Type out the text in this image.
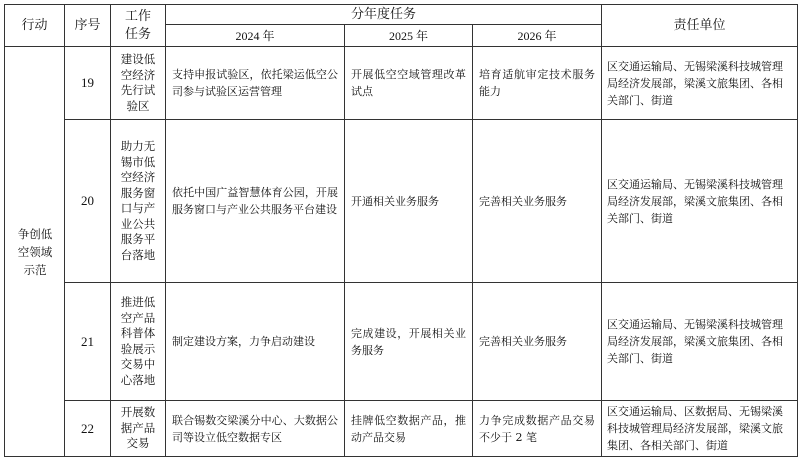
行动	序号	工作任务	分年度任务			责任单位
			2024 年	2025 年	2026 年	

争创低空领域示范	19	建设低空经济先行试验区	支持申报试验区，依托梁运低空公司参与试验区运营管理	开展低空空域管理改革试点	培育适航审定技术服务能力	区交通运输局、无锡梁溪科技城管理局经济发展部，梁溪文旅集团、各相关部门、街道
	20	助力无锡市低空经济服务窗口与产业公共服务平台落地	依托中国广益智慧体育公园，开展服务窗口与产业公共服务平台建设	开通相关业务服务	完善相关业务服务	区交通运输局、无锡梁溪科技城管理局经济发展部，梁溪文旅集团、各相关部门、街道
	21	推进低空产品科普体验展示交易中心落地	制定建设方案，力争启动建设	完成建设，开展相关业务服务	完善相关业务服务	区交通运输局、无锡梁溪科技城管理局经济发展部，梁溪文旅集团、各相关部门、街道
	22	开展数据产品交易	联合锡数交梁溪分中心、大数据公司等设立低空数据专区	挂牌低空数据产品，推动产品交易	力争完成数据产品交易不少于 2 笔	区交通运输局、区数据局、无锡梁溪科技城管理局经济发展部，梁溪文旅集团、各相关部门、街道
